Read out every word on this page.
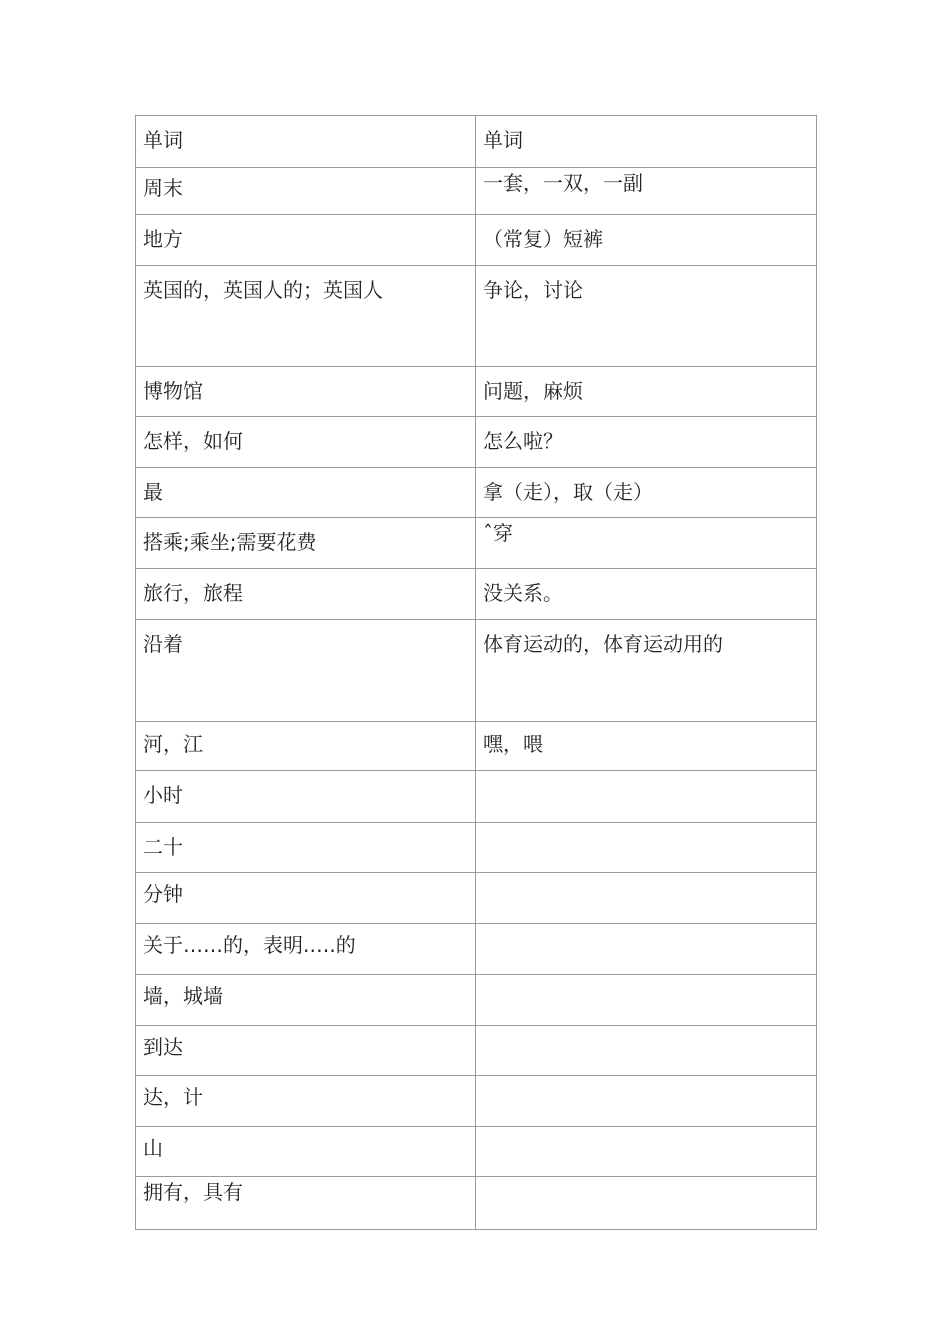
单词	单词

周末	一套，一双，一副

地方	（常复）短裤

英国的，英国人的；英国人	争论，讨论

博物馆	问题，麻烦

怎样，如何	怎么啦？

最	拿（走），取（走）

搭乘;乘坐;需要花费	ˆ穿

旅行，旅程	没关系。

沿着	体育运动的，体育运动用的

河，江	嘿，喂

小时	

二十	

分钟	

关于……的，表明.….的	

墙，城墙	

到达	

达，计	

山	

拥有，具有	
